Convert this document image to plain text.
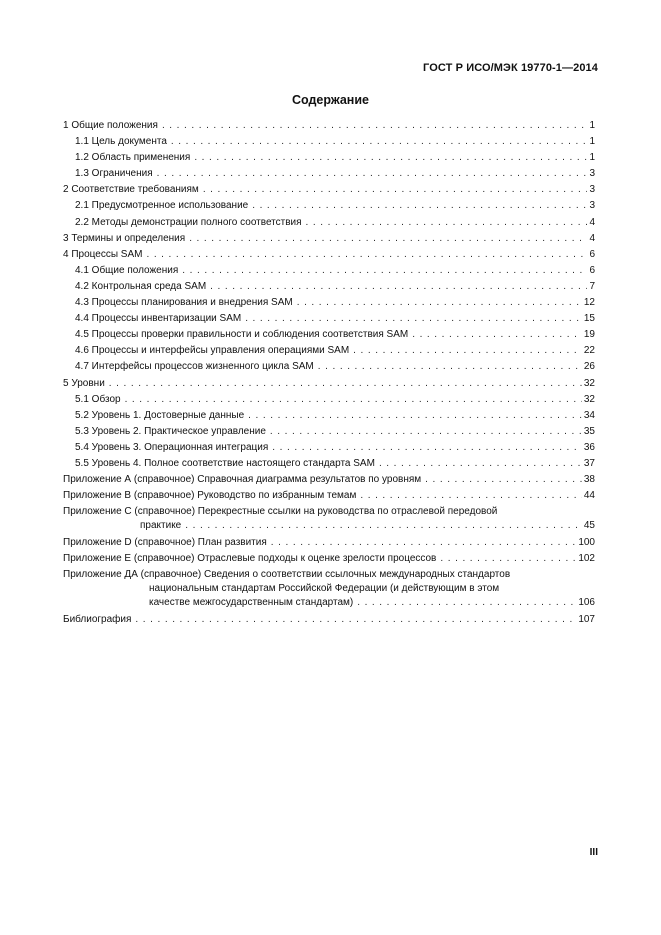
ГОСТ Р ИСО/МЭК 19770-1—2014
Содержание
1 Общие положения . . .	1
1.1 Цель документа . . .	1
1.2 Область применения . . .	1
1.3 Ограничения . . .	3
2 Соответствие требованиям . . .	3
2.1 Предусмотренное использование . . .	3
2.2 Методы демонстрации полного соответствия . . .	4
3 Термины и определения . . .	4
4 Процессы SAM . . .	6
4.1 Общие положения . . .	6
4.2 Контрольная среда SAM . . .	7
4.3 Процессы планирования и внедрения SAM . . .	12
4.4 Процессы инвентаризации SAM . . .	15
4.5 Процессы проверки правильности и соблюдения соответствия SAM . . .	19
4.6 Процессы и интерфейсы управления операциями SAM . . .	22
4.7 Интерфейсы процессов жизненного цикла SAM . . .	26
5 Уровни . . .	32
5.1 Обзор . . .	32
5.2 Уровень 1. Достоверные данные . . .	34
5.3 Уровень 2. Практическое управление . . .	35
5.4 Уровень 3. Операционная интеграция . . .	36
5.5 Уровень 4. Полное соответствие настоящего стандарта SAM . . .	37
Приложение А (справочное) Справочная диаграмма результатов по уровням . . .	38
Приложение В (справочное) Руководство по избранным темам . . .	44
Приложение С (справочное) Перекрестные ссылки на руководства по отраслевой передовой
практике . . .	45
Приложение D (справочное) План развития . . .	100
Приложение Е (справочное) Отраслевые подходы к оценке зрелости процессов . . .	102
Приложение ДА (справочное) Сведения о соответствии ссылочных международных стандартов
национальным стандартам Российской Федерации (и действующим в этом
качестве межгосударственным стандартам) . . .	106
Библиография . . .	107
III
